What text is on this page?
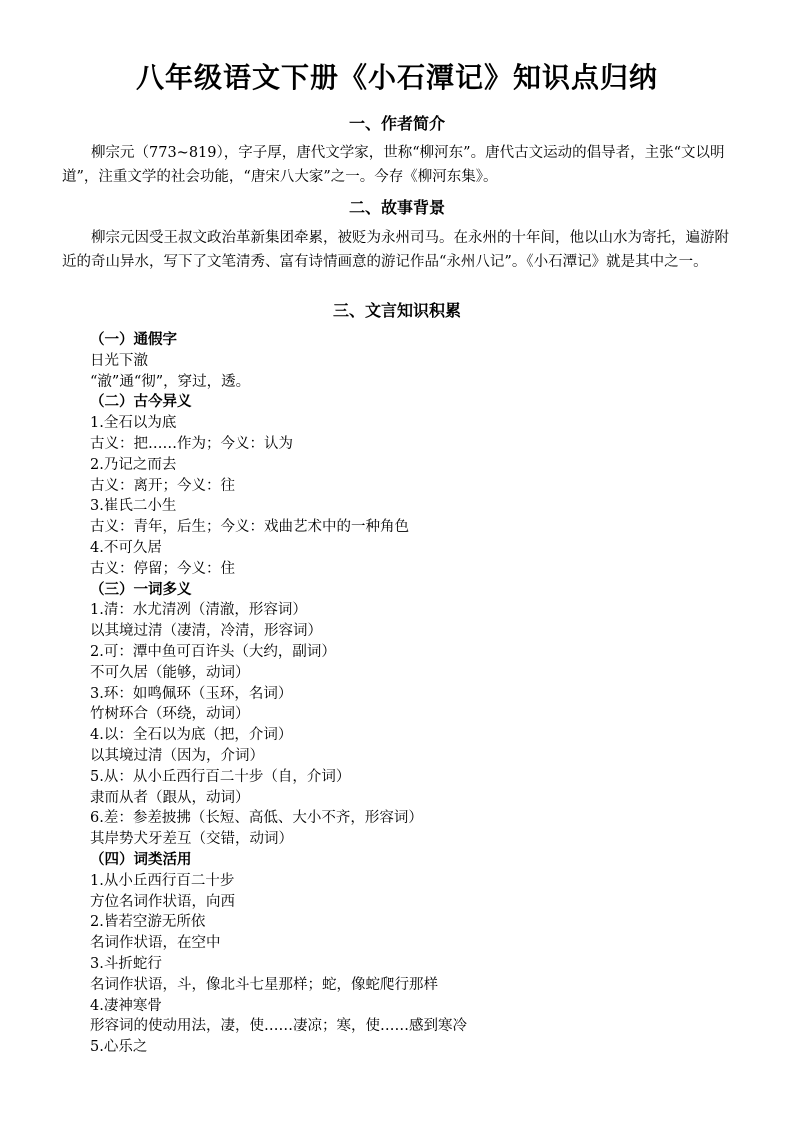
八年级语文下册《小石潭记》知识点归纳
一、作者简介

柳宗元（773~819），字子厚，唐代文学家，世称“柳河东”。唐代古文运动的倡导者，主张“文以明道”，注重文学的社会功能，“唐宋八大家”之一。今存《柳河东集》。

二、故事背景

柳宗元因受王叔文政治革新集团牵累，被贬为永州司马。在永州的十年间，他以山水为寄托，遍游附近的奇山异水，写下了文笔清秀、富有诗情画意的游记作品“永州八记”。《小石潭记》就是其中之一。

三、文言知识积累
（一）通假字
日光下澈
“澈”通“彻”，穿过，透。
（二）古今异义
1.全石以为底
古义：把……作为；今义：认为
2.乃记之而去
古义：离开；今义：往
3.崔氏二小生
古义：青年，后生；今义：戏曲艺术中的一种角色
4.不可久居
古义：停留；今义：住
（三）一词多义
1.清：水尤清冽（清澈，形容词）
以其境过清（凄清，冷清，形容词）
2.可：潭中鱼可百许头（大约，副词）
不可久居（能够，动词）
3.环：如鸣佩环（玉环，名词）
竹树环合（环绕，动词）
4.以：全石以为底（把，介词）
以其境过清（因为，介词）
5.从：从小丘西行百二十步（自，介词）
隶而从者（跟从，动词）
6.差：参差披拂（长短、高低、大小不齐，形容词）
其岸势犬牙差互（交错，动词）
（四）词类活用
1.从小丘西行百二十步
方位名词作状语，向西
2.皆若空游无所依
名词作状语，在空中
3.斗折蛇行
名词作状语，斗，像北斗七星那样；蛇，像蛇爬行那样
4.凄神寒骨
形容词的使动用法，凄，使……凄凉；寒，使……感到寒冷
5.心乐之
